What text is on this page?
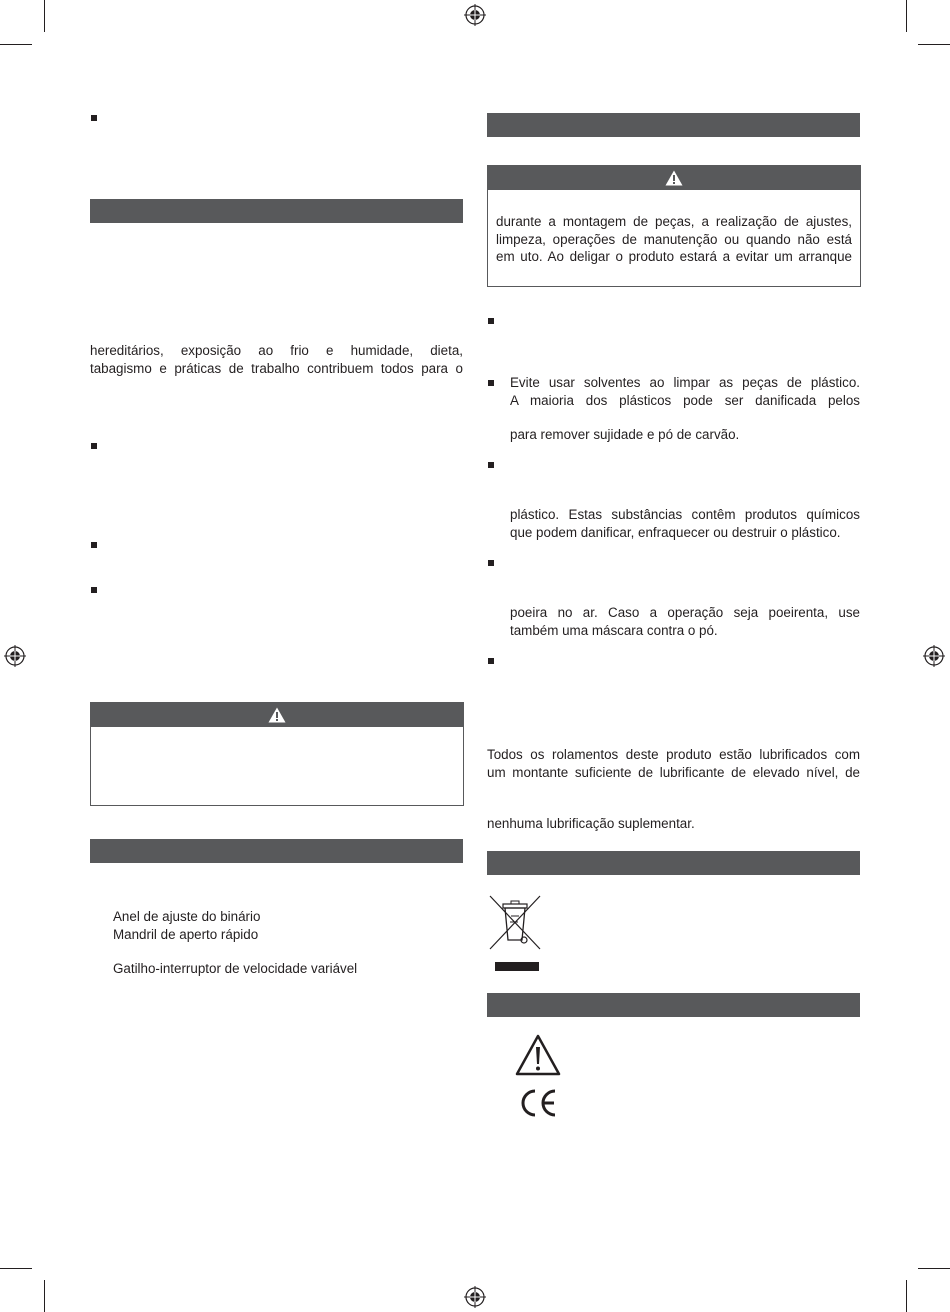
hereditários, exposição ao frio e humidade, dieta,
tabagismo e práticas de trabalho contribuem todos para o
Anel de ajuste do binário
Mandril de aperto rápido
Gatilho-interruptor de velocidade variável
durante a montagem de peças, a realização de ajustes,
limpeza, operações de manutenção ou quando não está
em uto. Ao deligar o produto estará a evitar um arranque
Evite usar solventes ao limpar as peças de plástico.
A maioria dos plásticos pode ser danificada pelos
para remover sujidade e pó de carvão.
plástico. Estas substâncias contêm produtos químicos
que podem danificar, enfraquecer ou destruir o plástico.
poeira no ar. Caso a operação seja poeirenta, use
também uma máscara contra o pó.
Todos os rolamentos deste produto estão lubrificados com
um montante suficiente de lubrificante de elevado nível, de
nenhuma lubrificação suplementar.
